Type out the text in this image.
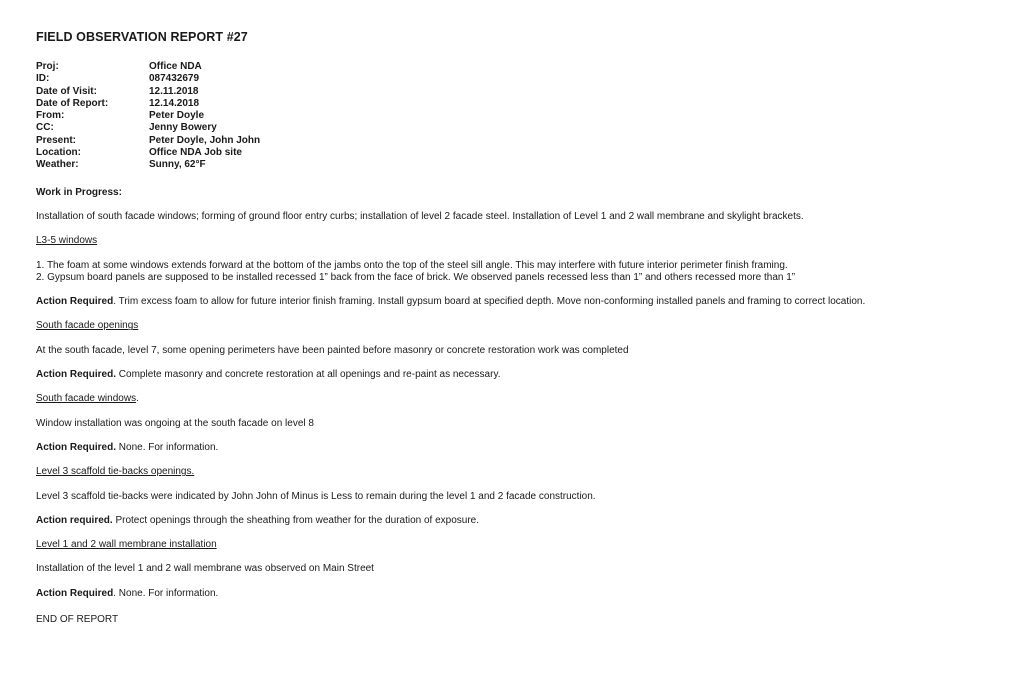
FIELD OBSERVATION REPORT #27
Proj:	Office NDA
ID:	087432679
Date of Visit:	12.11.2018
Date of Report:	12.14.2018
From:	Peter Doyle
CC:	Jenny Bowery
Present:	Peter Doyle, John John
Location:	Office NDA Job site
Weather:	Sunny, 62°F
Work in Progress:
Installation of south facade windows; forming of ground floor entry curbs; installation of level 2 facade steel. Installation of Level 1 and 2 wall membrane and skylight brackets.
L3-5 windows
1. The foam at some windows extends forward at the bottom of the jambs onto the top of the steel sill angle. This may interfere with future interior perimeter finish framing.
2. Gypsum board panels are supposed to be installed recessed 1” back from the face of brick. We observed panels recessed less than 1” and others recessed more than 1”
Action Required. Trim excess foam to allow for future interior finish framing. Install gypsum board at specified depth. Move non-conforming installed panels and framing to correct location.
South facade openings
At the south facade, level 7, some opening perimeters have been painted before masonry or concrete restoration work was completed
Action Required. Complete masonry and concrete restoration at all openings and re-paint as necessary.
South facade windows.
Window installation was ongoing at the south facade on level 8
Action Required. None. For information.
Level 3 scaffold tie-backs openings.
Level 3 scaffold tie-backs were indicated by John John of Minus is Less to remain during the level 1 and 2 facade construction.
Action required. Protect openings through the sheathing from weather for the duration of exposure.
Level 1 and 2 wall membrane installation
Installation of the level 1 and 2 wall membrane was observed on Main Street
Action Required. None. For information.
END OF REPORT
